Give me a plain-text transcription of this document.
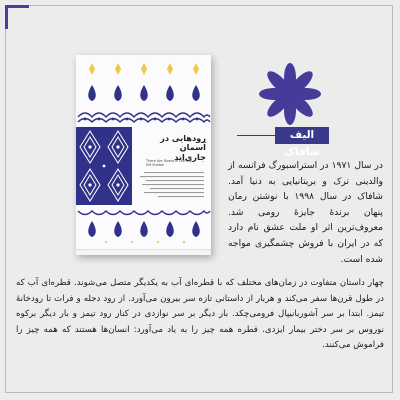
رودهایی در آسمان جاری‌اند
There Are Rivers in the Sky
Elif Shafak
الیف شافاک
در سال ۱۹۷۱ در استراسبورگ فرانسه از والدینی ترک و بریتانیایی به دنیا آمد. شافاک در سال ۱۹۹۸ با نوشتن رمان پنهان برندهٔ جایزهٔ رومی شد. معروف‌ترین اثر او ملت عشق نام دارد که در ایران با فروش چشمگیری مواجه شده است.
چهار داستان متفاوت در زمان‌های مختلف که با قطره‌ای آب به یکدیگر متصل می‌شوند. قطره‌ای آب که در طول قرن‌ها سفر می‌کند و هربار از داستانی تازه سر بیرون می‌آورد. از رود دجله و فرات تا رودخانهٔ تیمز. ابتدا بر سر آشوربانیپال فرومی‌چکد. بار دیگر بر سر نوازدی در کنار رود تیمز و بار دیگر برکوه نوروس بر سر دختر بیمار ایزدی. قطره همه چیز را به یاد می‌آورد: انسان‌ها هستند که همه چیز را فراموش می‌کنند.
